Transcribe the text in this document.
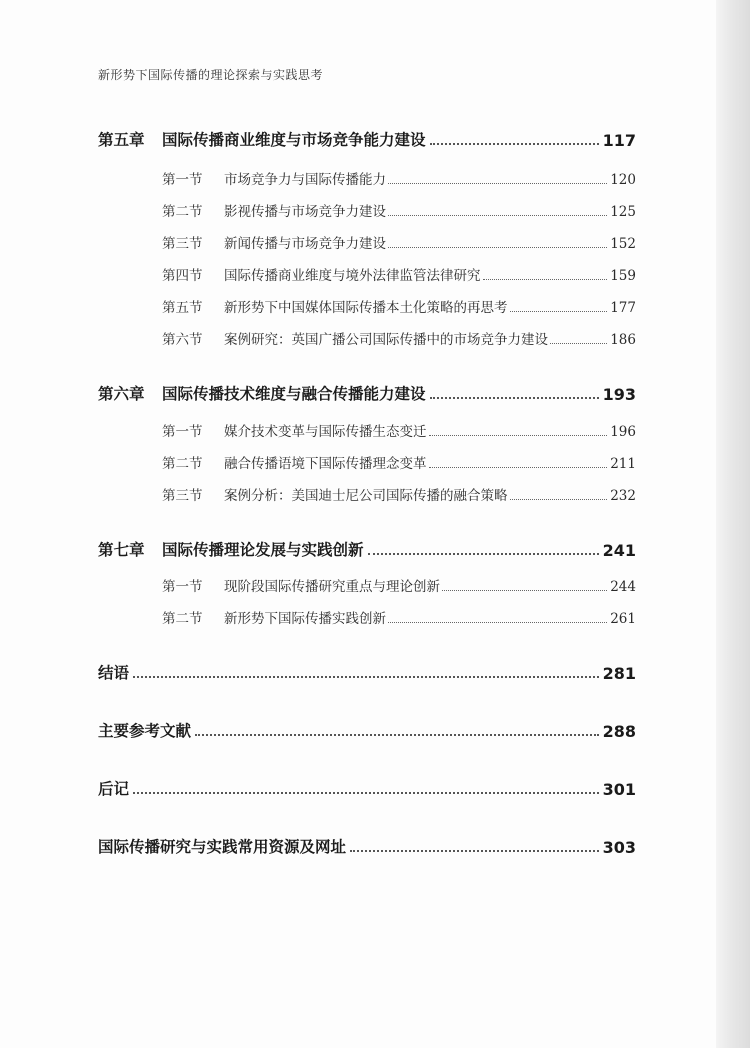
新形势下国际传播的理论探索与实践思考
第五章	国际传播商业维度与市场竞争能力建设	117
第一节	市场竞争力与国际传播能力	120
第二节	影视传播与市场竞争力建设	125
第三节	新闻传播与市场竞争力建设	152
第四节	国际传播商业维度与境外法律监管法律研究	159
第五节	新形势下中国媒体国际传播本土化策略的再思考	177
第六节	案例研究：英国广播公司国际传播中的市场竞争力建设	186
第六章	国际传播技术维度与融合传播能力建设	193
第一节	媒介技术变革与国际传播生态变迁	196
第二节	融合传播语境下国际传播理念变革	211
第三节	案例分析：美国迪士尼公司国际传播的融合策略	232
第七章	国际传播理论发展与实践创新	241
第一节	现阶段国际传播研究重点与理论创新	244
第二节	新形势下国际传播实践创新	261
结语	281
主要参考文献	288
后记	301
国际传播研究与实践常用资源及网址	303
